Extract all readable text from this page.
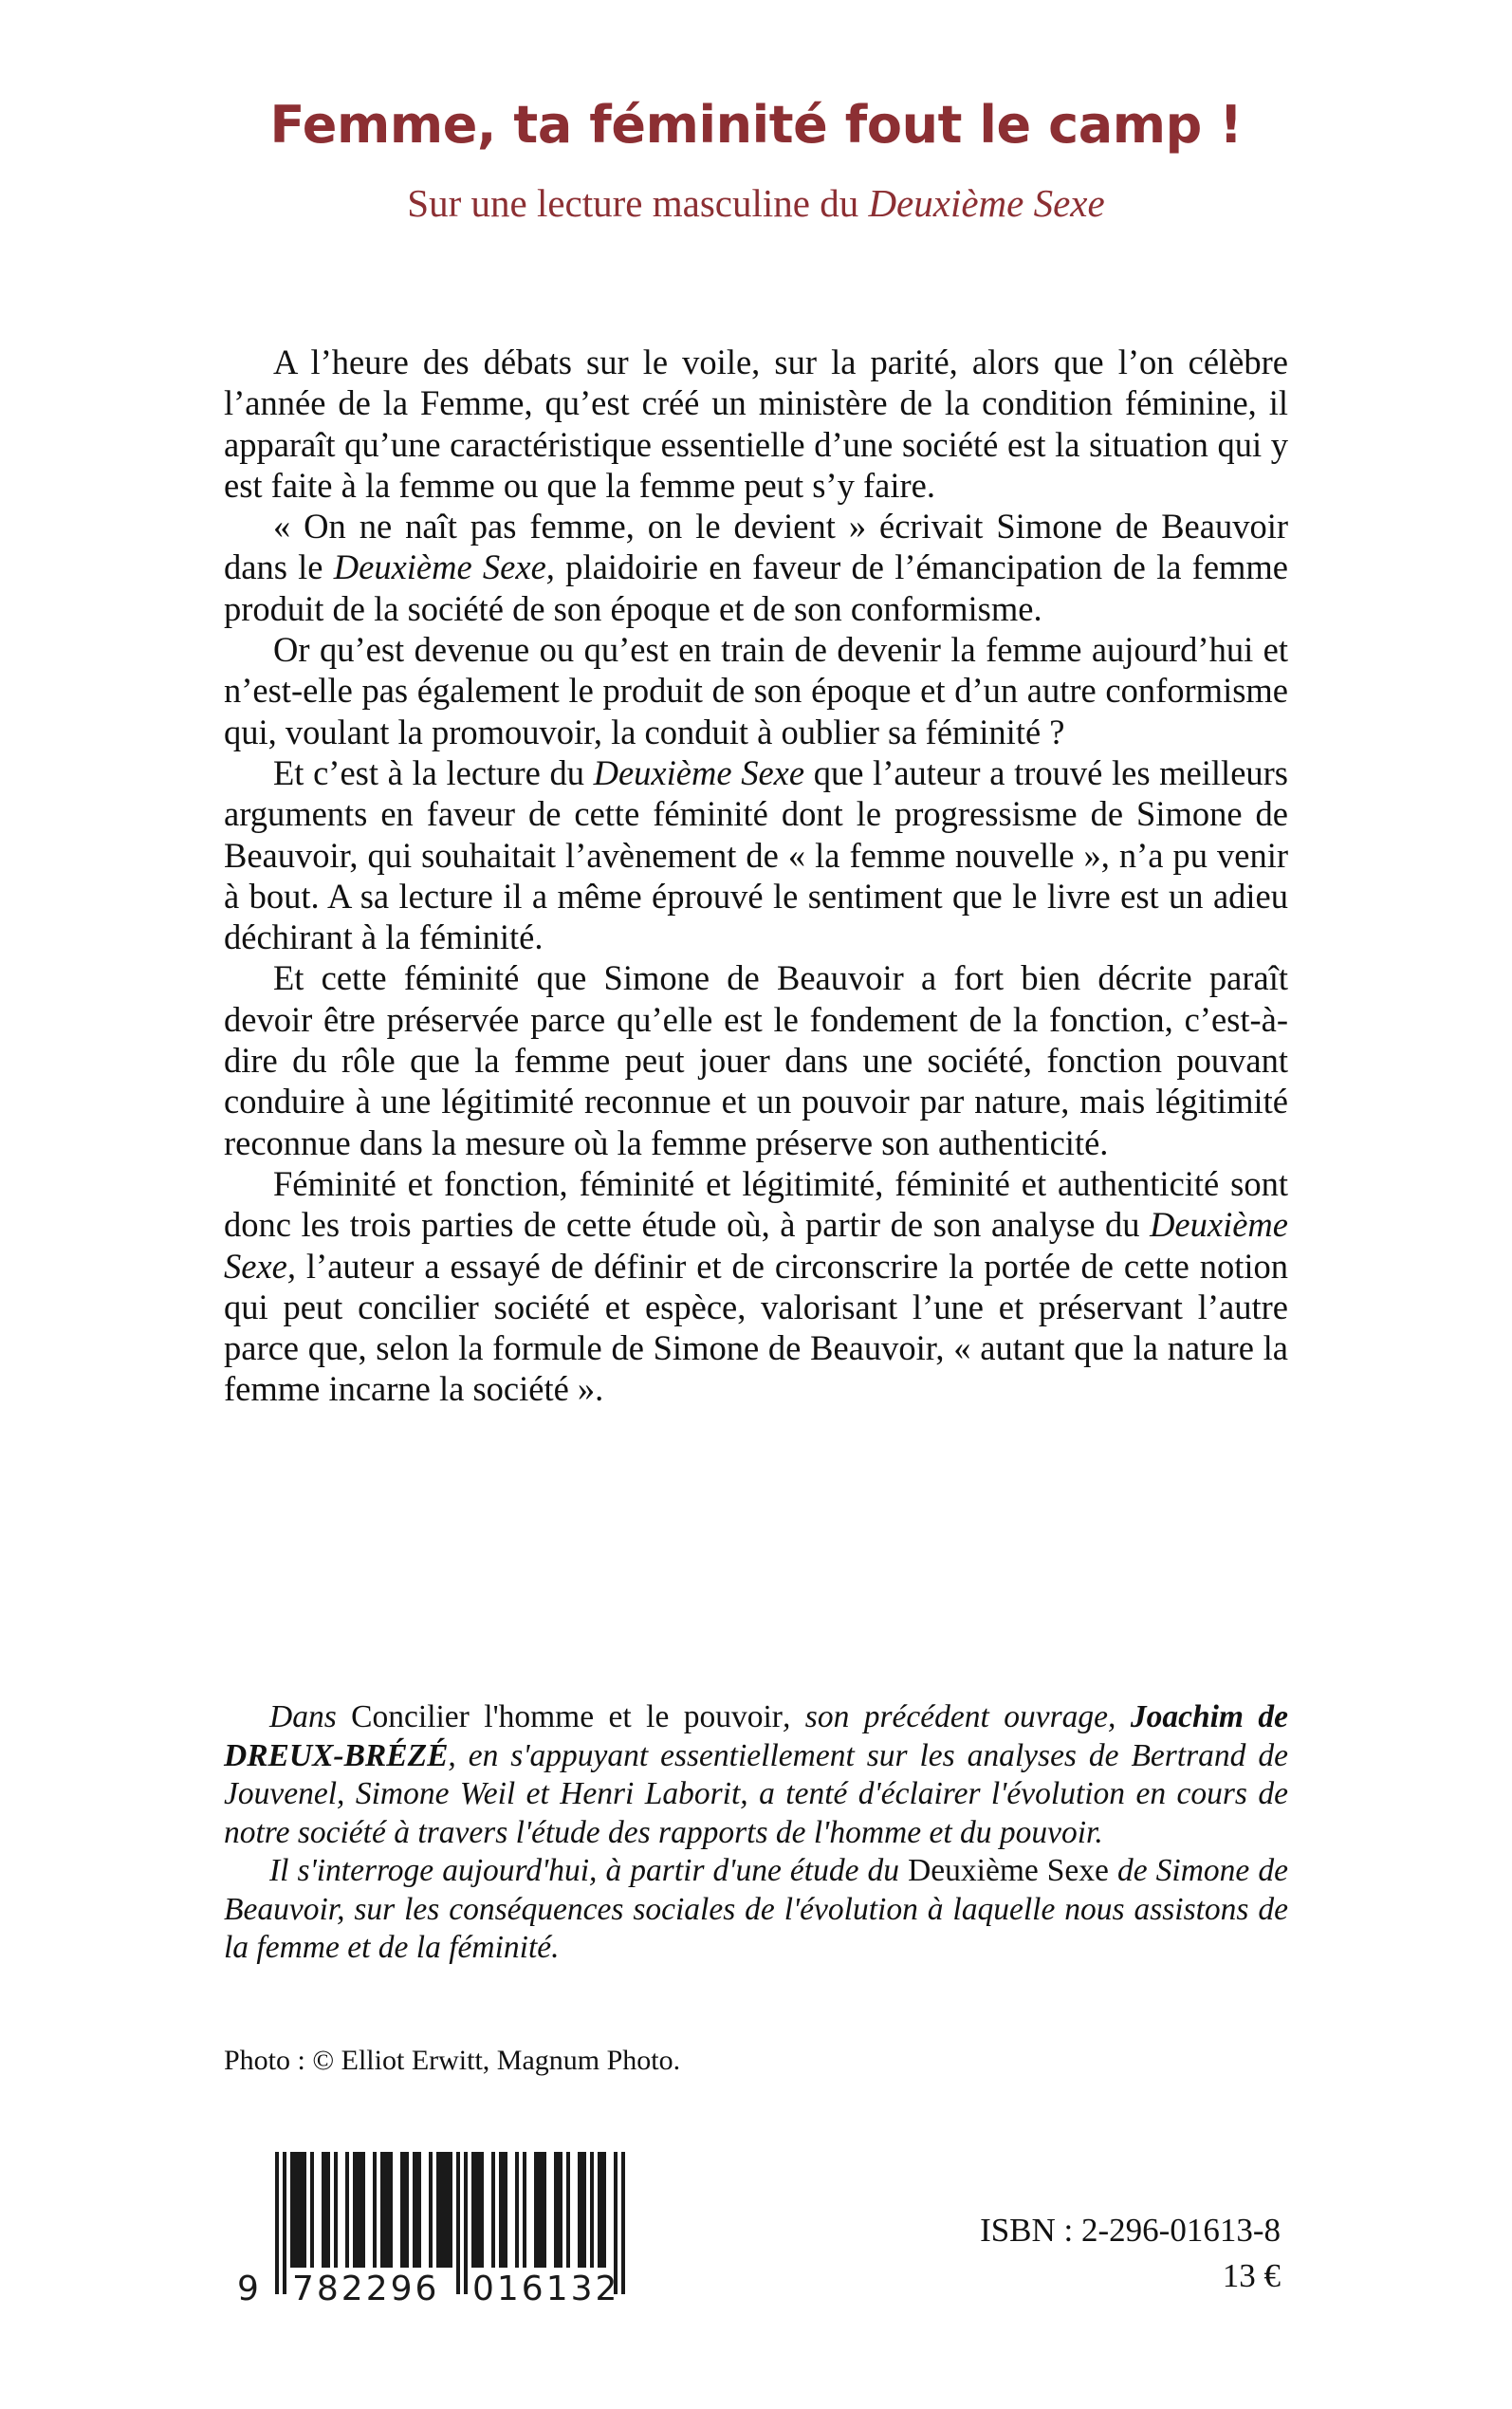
Femme, ta féminité fout le camp !
Sur une lecture masculine du Deuxième Sexe

A l’heure des débats sur le voile, sur la parité, alors que l’on célèbre l’année de la Femme, qu’est créé un ministère de la condition féminine, il apparaît qu’une caractéristique essentielle d’une société est la situation qui y est faite à la femme ou que la femme peut s’y faire.

« On ne naît pas femme, on le devient » écrivait Simone de Beauvoir dans le Deuxième Sexe, plaidoirie en faveur de l’émancipation de la femme produit de la société de son époque et de son conformisme.

Or qu’est devenue ou qu’est en train de devenir la femme aujourd’hui et n’est-elle pas également le produit de son époque et d’un autre conformisme qui, voulant la promouvoir, la conduit à oublier sa féminité ?

Et c’est à la lecture du Deuxième Sexe que l’auteur a trouvé les meilleurs arguments en faveur de cette féminité dont le progressisme de Simone de Beauvoir, qui souhaitait l’avènement de « la femme nouvelle », n’a pu venir à bout. A sa lecture il a même éprouvé le sentiment que le livre est un adieu déchirant à la féminité.

Et cette féminité que Simone de Beauvoir a fort bien décrite paraît devoir être préservée parce qu’elle est le fondement de la fonction, c’est-à-dire du rôle que la femme peut jouer dans une société, fonction pouvant conduire à une légitimité reconnue et un pouvoir par nature, mais légitimité reconnue dans la mesure où la femme préserve son authenticité.

Féminité et fonction, féminité et légitimité, féminité et authenticité sont donc les trois parties de cette étude où, à partir de son analyse du Deuxième Sexe, l’auteur a essayé de définir et de circonscrire la portée de cette notion qui peut concilier société et espèce, valorisant l’une et préservant l’autre parce que, selon la formule de Simone de Beauvoir, « autant que la nature la femme incarne la société ».

Dans Concilier l'homme et le pouvoir, son précédent ouvrage, Joachim de DREUX-BRÉZÉ, en s'appuyant essentiellement sur les analyses de Bertrand de Jouvenel, Simone Weil et Henri Laborit, a tenté d'éclairer l'évolution en cours de notre société à travers l'étude des rapports de l'homme et du pouvoir.

Il s'interroge aujourd'hui, à partir d'une étude du Deuxième Sexe de Simone de Beauvoir, sur les conséquences sociales de l'évolution à laquelle nous assistons de la femme et de la féminité.

Photo : © Elliot Erwitt, Magnum Photo.
9 782296 016132
ISBN : 2-296-01613-8
13 €
